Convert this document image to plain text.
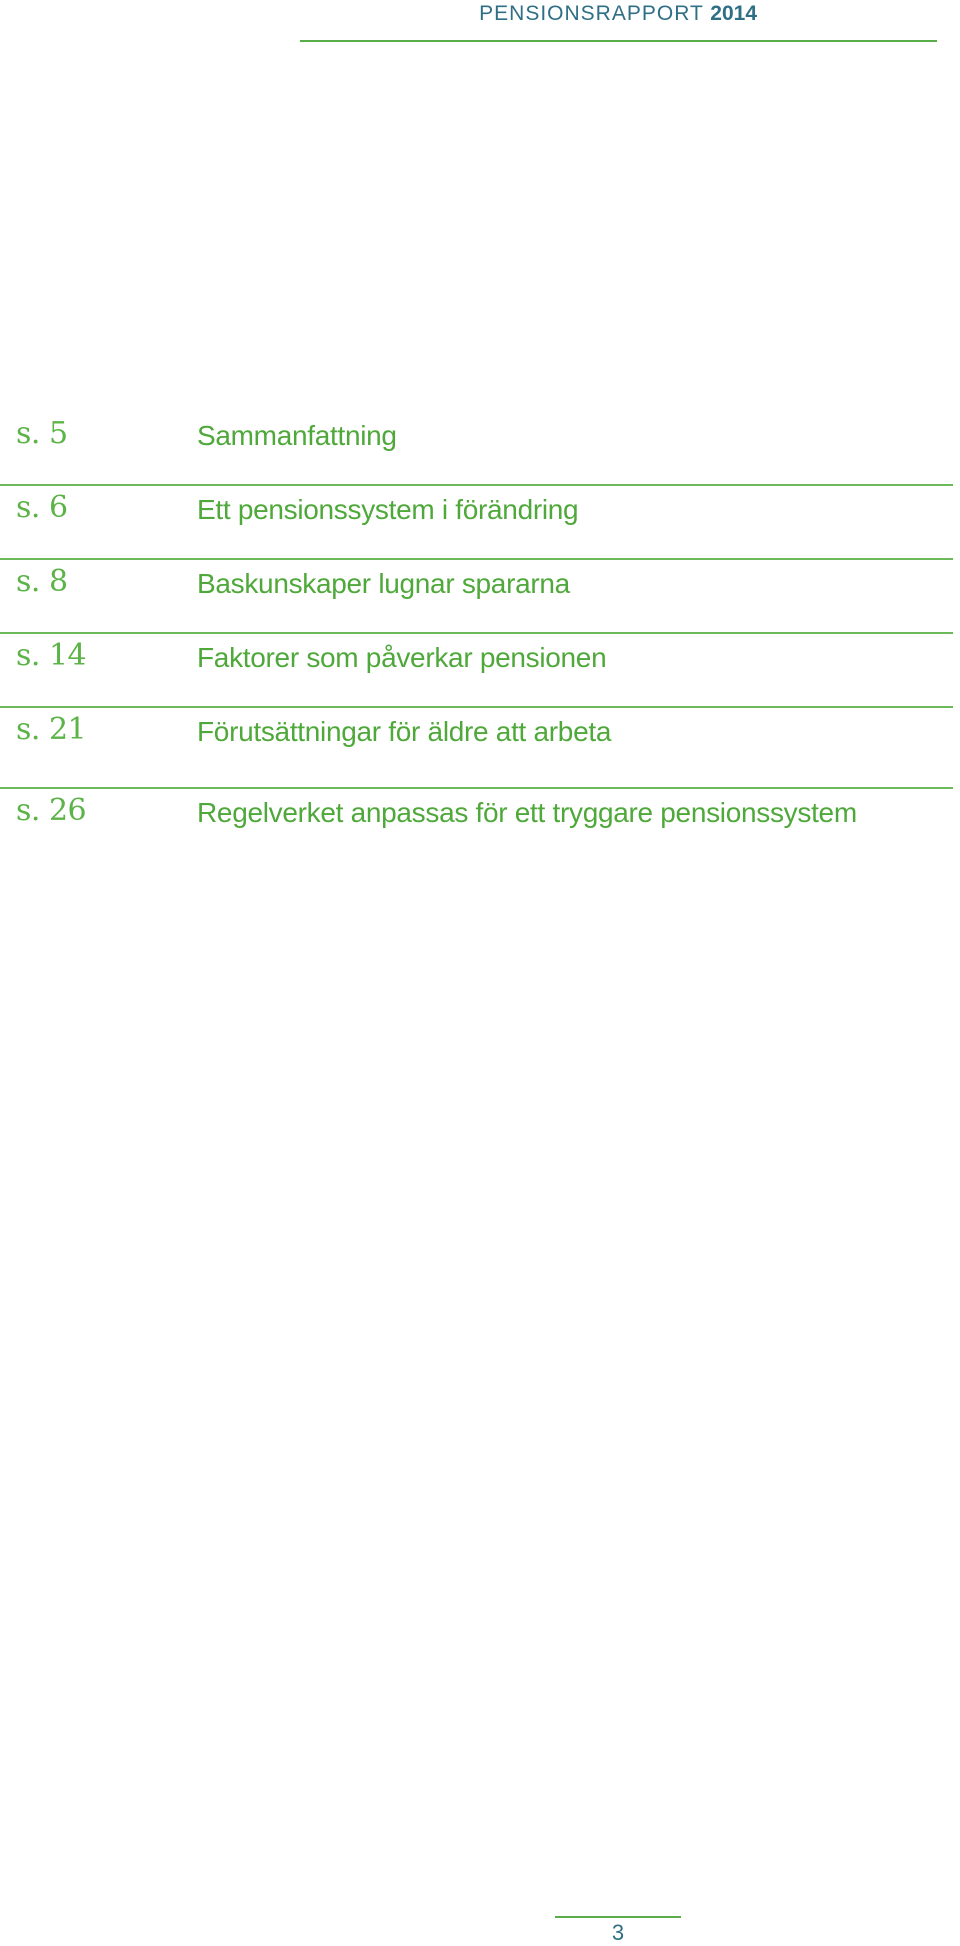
PENSIONSRAPPORT 2014
s. 5	Sammanfattning
s. 6	Ett pensionssystem i förändring
s. 8	Baskunskaper lugnar spararna
s. 14	Faktorer som påverkar pensionen
s. 21	Förutsättningar för äldre att arbeta
s. 26	Regelverket anpassas för ett tryggare pensionssystem
3
